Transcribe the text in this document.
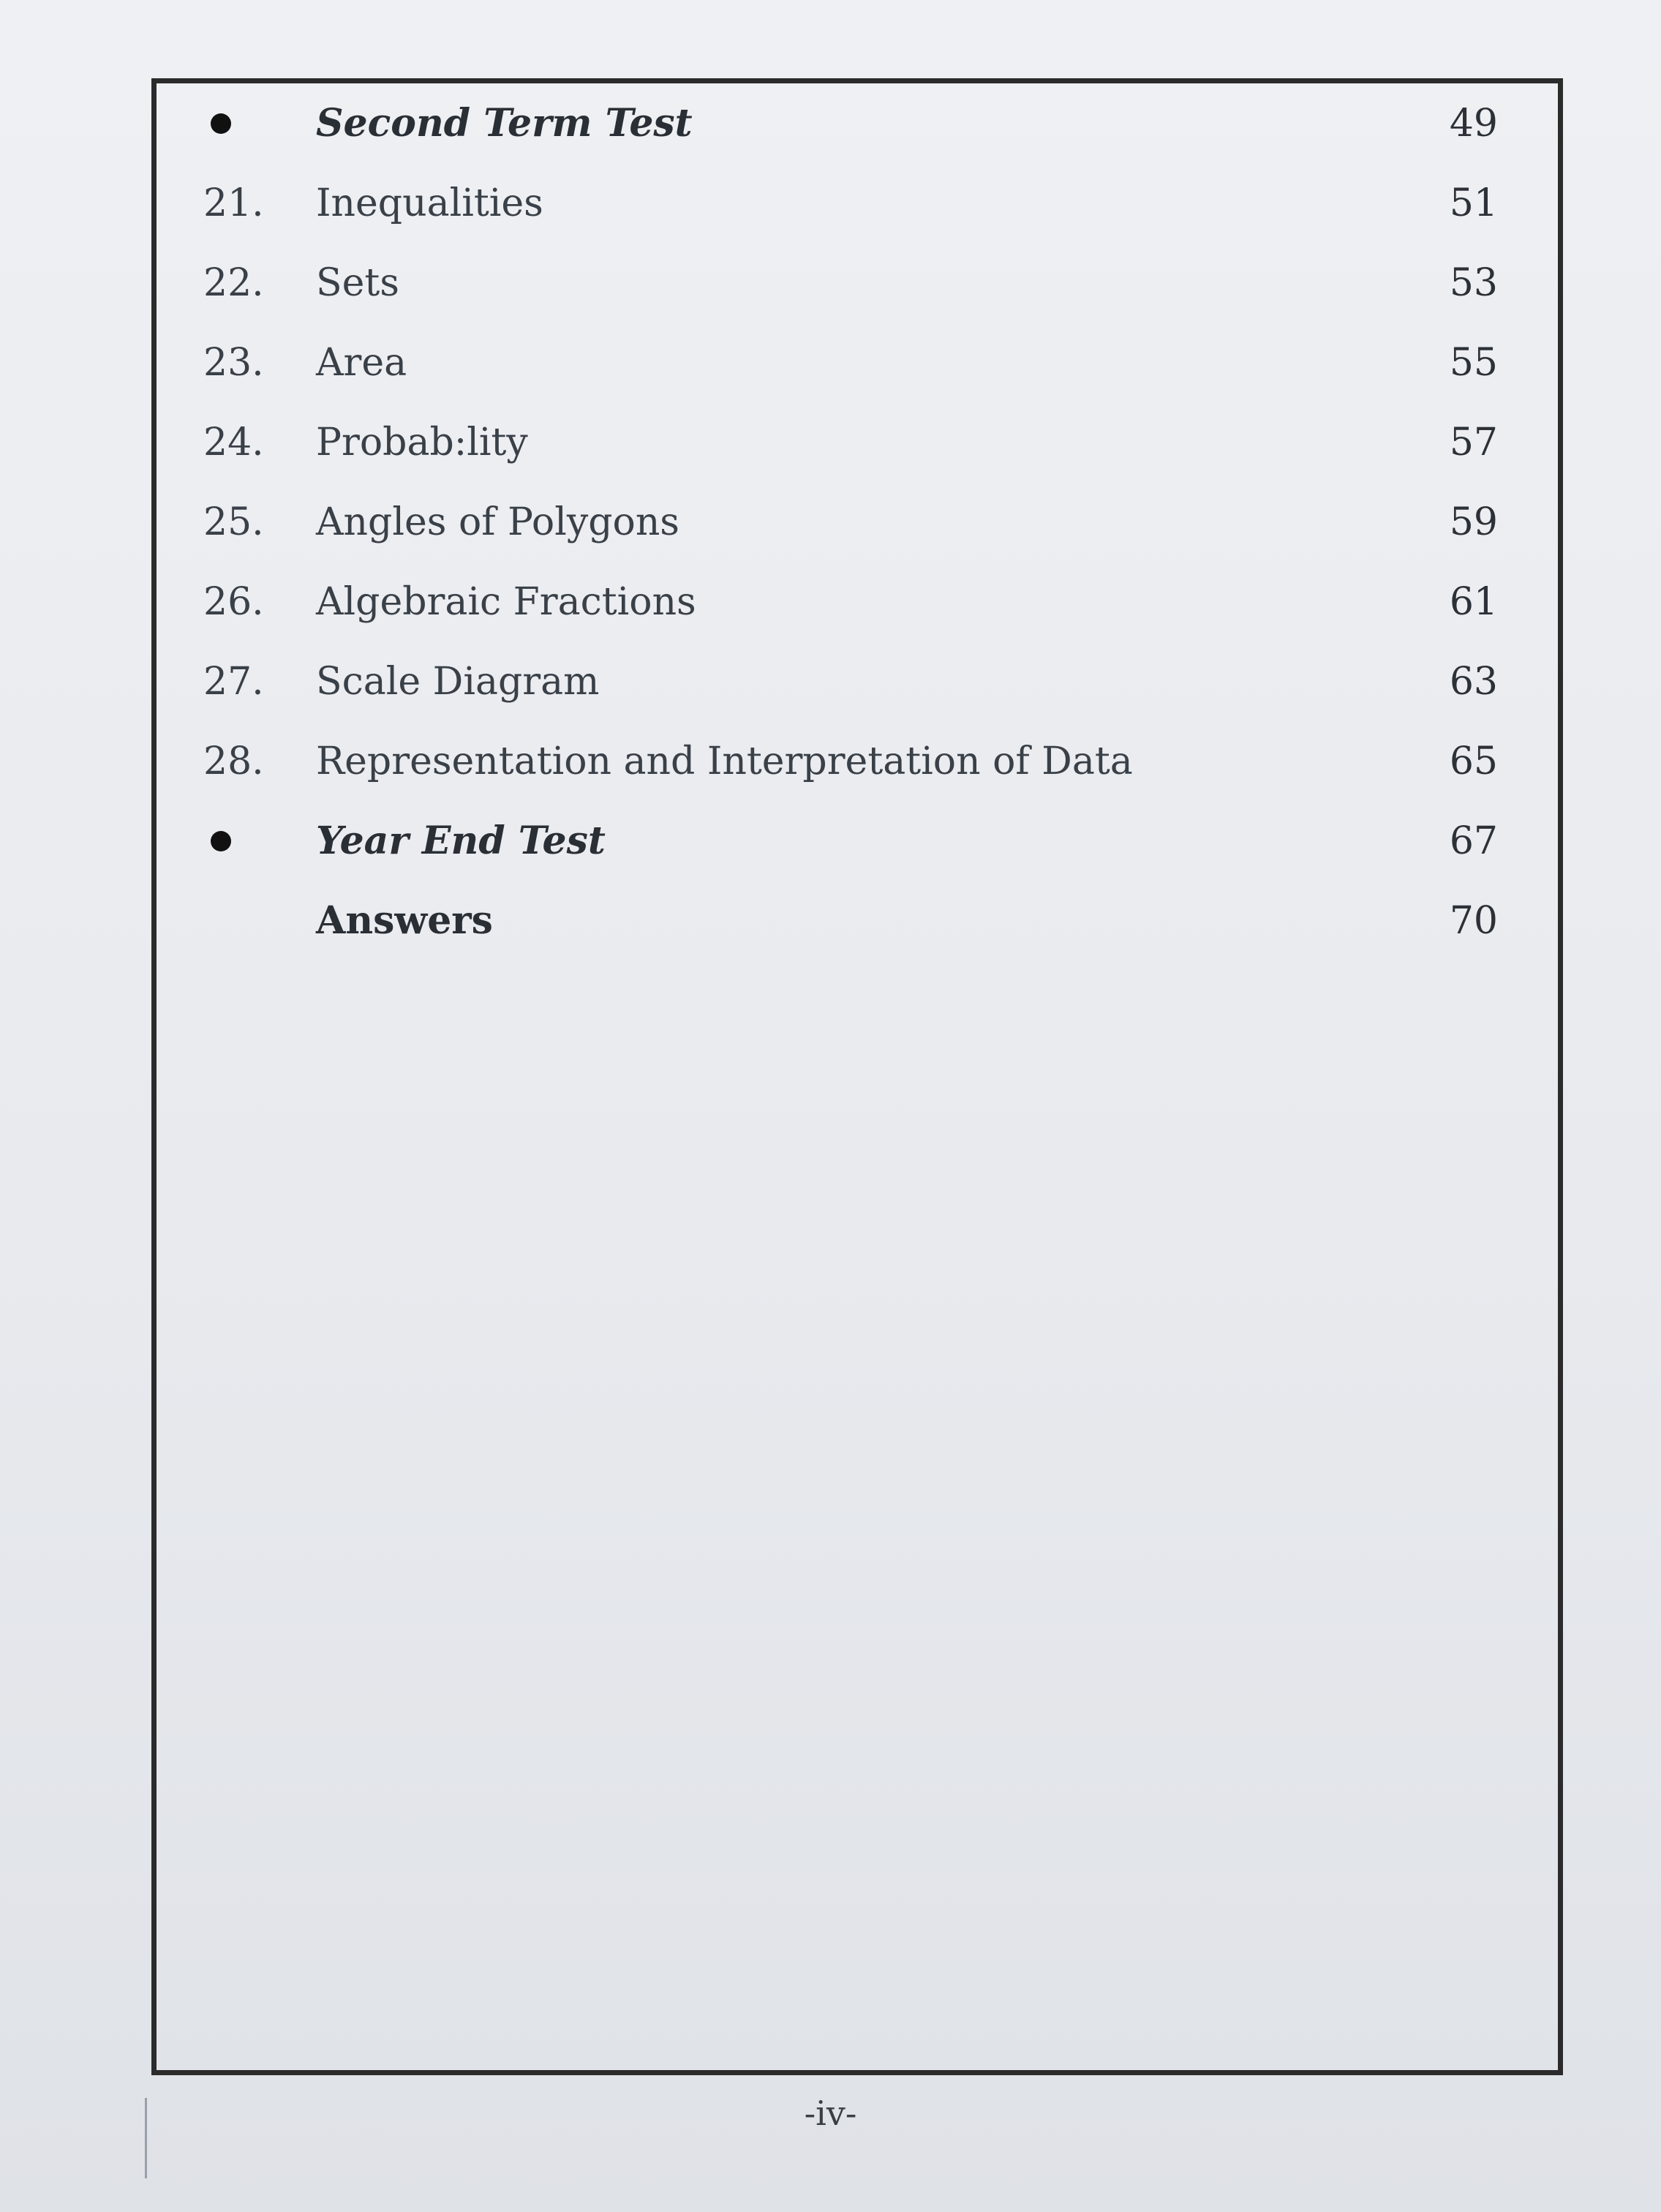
Second Term Test	49
21. Inequalities	51
22. Sets	53
23. Area	55
24. Probab:lity	57
25. Angles of Polygons	59
26. Algebraic Fractions	61
27. Scale Diagram	63
28. Representation and Interpretation of Data	65
Year End Test	67
Answers	70
-iv-
